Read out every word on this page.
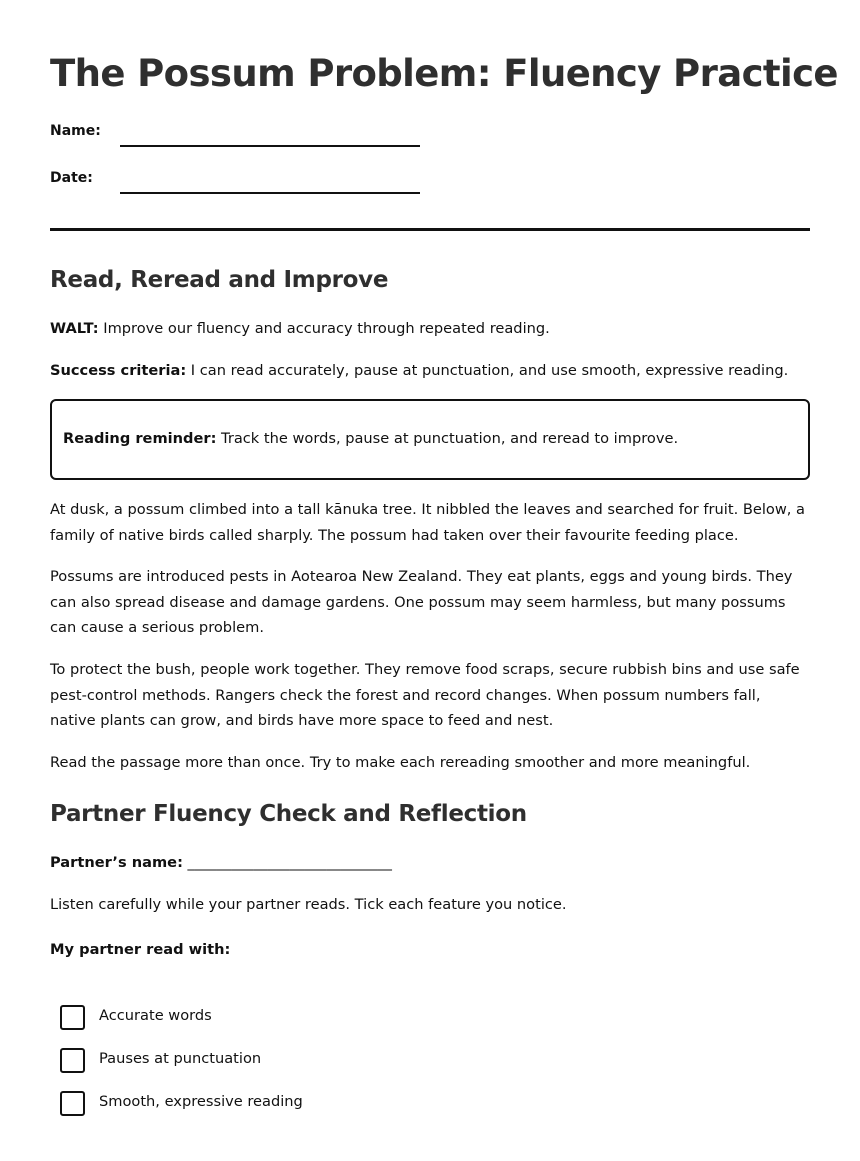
The Possum Problem: Fluency Practice
Name:
Date:
Read, Reread and Improve

WALT: Improve our fluency and accuracy through repeated reading.

Success criteria: I can read accurately, pause at punctuation, and use smooth, expressive reading.

Reading reminder: Track the words, pause at punctuation, and reread to improve.

At dusk, a possum climbed into a tall kānuka tree. It nibbled the leaves and searched for fruit. Below, a family of native birds called sharply. The possum had taken over their favourite feeding place.

Possums are introduced pests in Aotearoa New Zealand. They eat plants, eggs and young birds. They can also spread disease and damage gardens. One possum may seem harmless, but many possums can cause a serious problem.

To protect the bush, people work together. They remove food scraps, secure rubbish bins and use safe pest-control methods. Rangers check the forest and record changes. When possum numbers fall, native plants can grow, and birds have more space to feed and nest.

Read the passage more than once. Try to make each rereading smoother and more meaningful.

Partner Fluency Check and Reflection

Partner’s name: ____________________________

Listen carefully while your partner reads. Tick each feature you notice.

My partner read with:

Accurate words
Pauses at punctuation
Smooth, expressive reading
